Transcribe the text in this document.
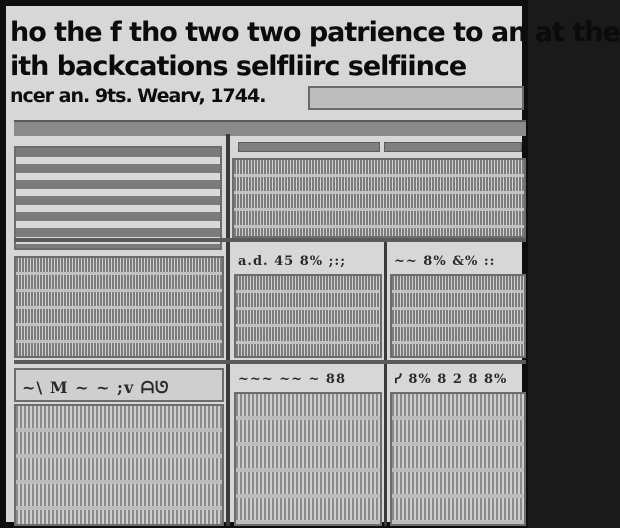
ho the f tho two two patrience to an at the
ith backcations selfliirc selfiince
ncer an. 9ts. Wearv, 1744.
a.d. 45 8% ;:;	~~ 8% &% ::
~\ M ~ ~ ;ᴠ ᗩᘎ	~~~ ~~ ~ 88	ᓯ 8% 8 2 8 8%
